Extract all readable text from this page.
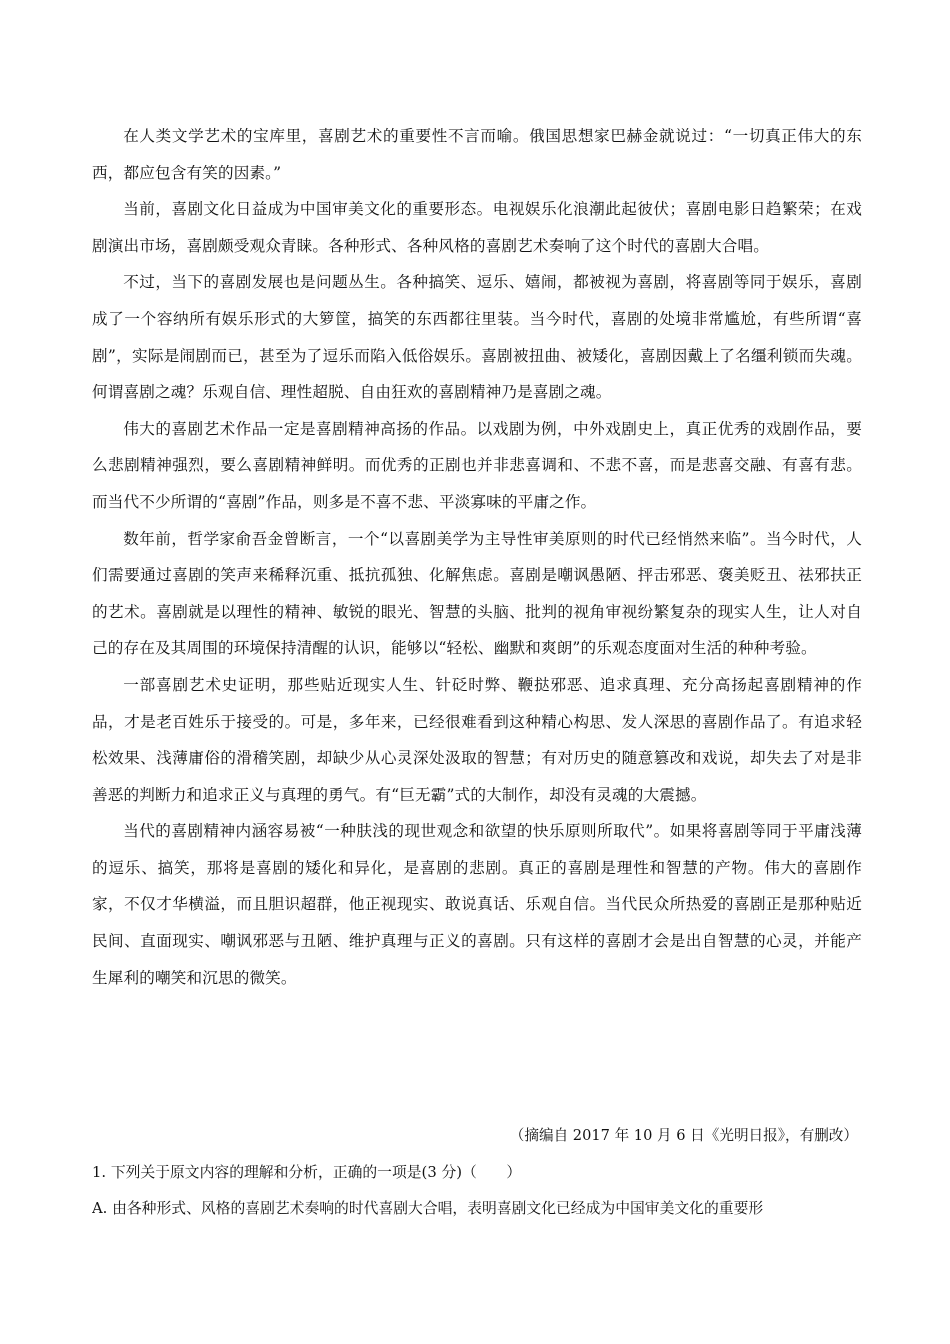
在人类文学艺术的宝库里，喜剧艺术的重要性不言而喻。俄国思想家巴赫金就说过：“一切真正伟大的东西，都应包含有笑的因素。”

当前，喜剧文化日益成为中国审美文化的重要形态。电视娱乐化浪潮此起彼伏；喜剧电影日趋繁荣；在戏剧演出市场，喜剧颇受观众青睐。各种形式、各种风格的喜剧艺术奏响了这个时代的喜剧大合唱。

不过，当下的喜剧发展也是问题丛生。各种搞笑、逗乐、嬉闹，都被视为喜剧，将喜剧等同于娱乐，喜剧成了一个容纳所有娱乐形式的大箩筐，搞笑的东西都往里装。当今时代，喜剧的处境非常尴尬，有些所谓“喜剧”，实际是闹剧而已，甚至为了逗乐而陷入低俗娱乐。喜剧被扭曲、被矮化，喜剧因戴上了名缰利锁而失魂。何谓喜剧之魂？乐观自信、理性超脱、自由狂欢的喜剧精神乃是喜剧之魂。

伟大的喜剧艺术作品一定是喜剧精神高扬的作品。以戏剧为例，中外戏剧史上，真正优秀的戏剧作品，要么悲剧精神强烈，要么喜剧精神鲜明。而优秀的正剧也并非悲喜调和、不悲不喜，而是悲喜交融、有喜有悲。而当代不少所谓的“喜剧”作品，则多是不喜不悲、平淡寡味的平庸之作。

数年前，哲学家俞吾金曾断言，一个“以喜剧美学为主导性审美原则的时代已经悄然来临”。当今时代，人们需要通过喜剧的笑声来稀释沉重、抵抗孤独、化解焦虑。喜剧是嘲讽愚陋、抨击邪恶、褒美贬丑、祛邪扶正的艺术。喜剧就是以理性的精神、敏锐的眼光、智慧的头脑、批判的视角审视纷繁复杂的现实人生，让人对自己的存在及其周围的环境保持清醒的认识，能够以“轻松、幽默和爽朗”的乐观态度面对生活的种种考验。

一部喜剧艺术史证明，那些贴近现实人生、针砭时弊、鞭挞邪恶、追求真理、充分高扬起喜剧精神的作品，才是老百姓乐于接受的。可是，多年来，已经很难看到这种精心构思、发人深思的喜剧作品了。有追求轻松效果、浅薄庸俗的滑稽笑剧，却缺少从心灵深处汲取的智慧；有对历史的随意篡改和戏说，却失去了对是非善恶的判断力和追求正义与真理的勇气。有“巨无霸”式的大制作，却没有灵魂的大震撼。

当代的喜剧精神内涵容易被“一种肤浅的现世观念和欲望的快乐原则所取代”。如果将喜剧等同于平庸浅薄的逗乐、搞笑，那将是喜剧的矮化和异化，是喜剧的悲剧。真正的喜剧是理性和智慧的产物。伟大的喜剧作家，不仅才华横溢，而且胆识超群，他正视现实、敢说真话、乐观自信。当代民众所热爱的喜剧正是那种贴近民间、直面现实、嘲讽邪恶与丑陋、维护真理与正义的喜剧。只有这样的喜剧才会是出自智慧的心灵，并能产生犀利的嘲笑和沉思的微笑。

（摘编自 2017 年 10 月 6 日《光明日报》，有删改）

1. 下列关于原文内容的理解和分析，正确的一项是(3 分)（　　）

A. 由各种形式、风格的喜剧艺术奏响的时代喜剧大合唱，表明喜剧文化已经成为中国审美文化的重要形
